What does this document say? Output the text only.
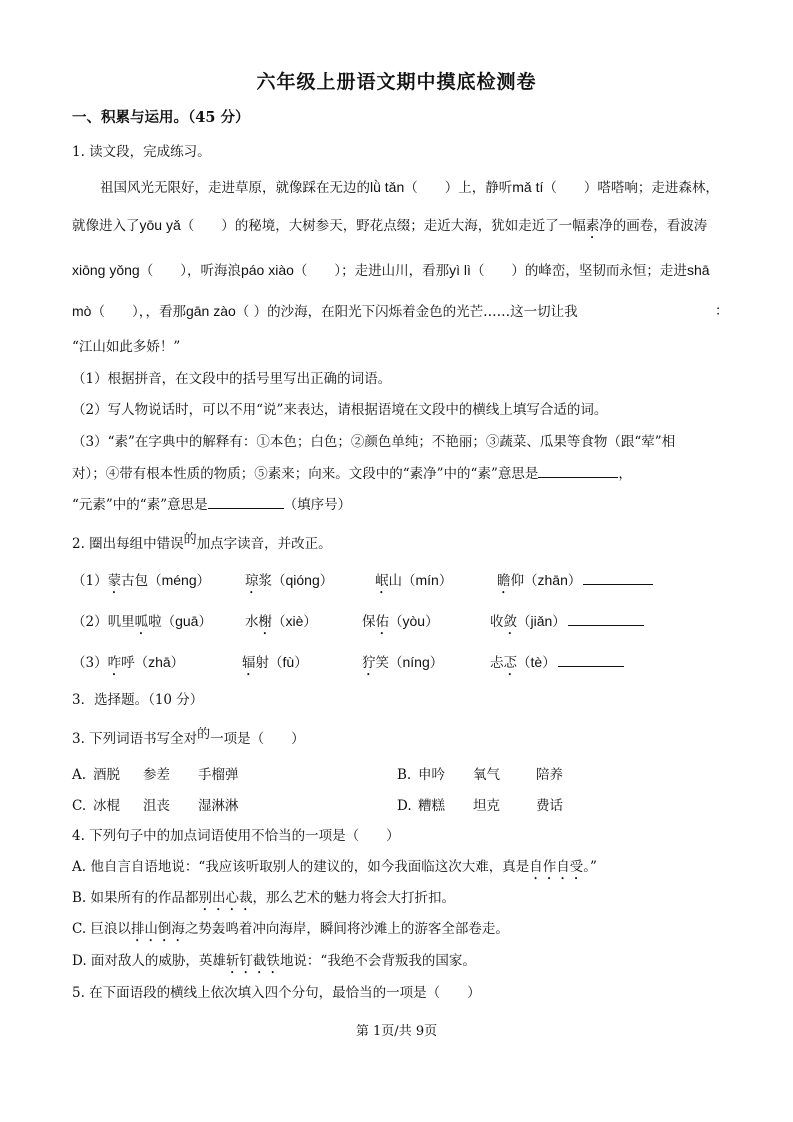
六年级上册语文期中摸底检测卷
一、积累与运用。（45 分）
1. 读文段，完成练习。
祖国风光无限好，走进草原，就像踩在无边的lǜ tǎn（　　）上，静听mǎ tí（　　）嗒嗒响；走进森林，
就像进入了yōu yǎ（　　）的秘境，大树参天，野花点缀；走近大海，犹如走近了一幅素净的画卷，看波涛
xiōng yǒng（　　），听海浪páo xiào（　　）；走进山川，看那yì lì（　　）的峰峦，坚韧而永恒；走进shā
mò（　　），，看那gān zào（ ）的沙海，在阳光下闪烁着金色的光芒……这一切让我	：
“江山如此多娇！”
（1）根据拼音，在文段中的括号里写出正确的词语。
（2）写人物说话时，可以不用“说”来表达，请根据语境在文段中的横线上填写合适的词。
（3）“素”在字典中的解释有：①本色；白色；②颜色单纯；不艳丽；③蔬菜、瓜果等食物（跟“荤”相
对）；④带有根本性质的物质；⑤素来；向来。文段中的“素净”中的“素”意思是	，
“元素”中的“素”意思是	（填序号）
2. 圈出每组中错误的加点字读音，并改正。
（1）蒙古包（méng）	琼浆（qióng）	岷山（mín）	瞻仰（zhān）
（2）叽里呱啦（guā） 水榭（xiè）	保佑（yòu）	收敛（jiǎn）
（3）咋呼（zhā）	辐射（fù）	狞笑（níng）	忐忑（tè）
3．选择题。（10 分）
3. 下列词语书写全对的一项是（　　）
A. 酒脱 参差 手榴弹	B. 申吟 氧气	陪养
C. 冰棍 沮丧 湿淋淋	D. 糟糕 坦克	费话
4. 下列句子中的加点词语使用不恰当的一项是（　　）
A. 他自言自语地说：“我应该听取别人的建议的，如今我面临这次大难，真是自作自受。”
B. 如果所有的作品都别出心裁，那么艺术的魅力将会大打折扣。
C. 巨浪以排山倒海之势轰鸣着冲向海岸，瞬间将沙滩上的游客全部卷走。
D. 面对敌人的威胁，英雄斩钉截铁地说：“我绝不会背叛我的国家。
5. 在下面语段的横线上依次填入四个分句，最恰当的一项是（　　）
第 1页/共 9页
